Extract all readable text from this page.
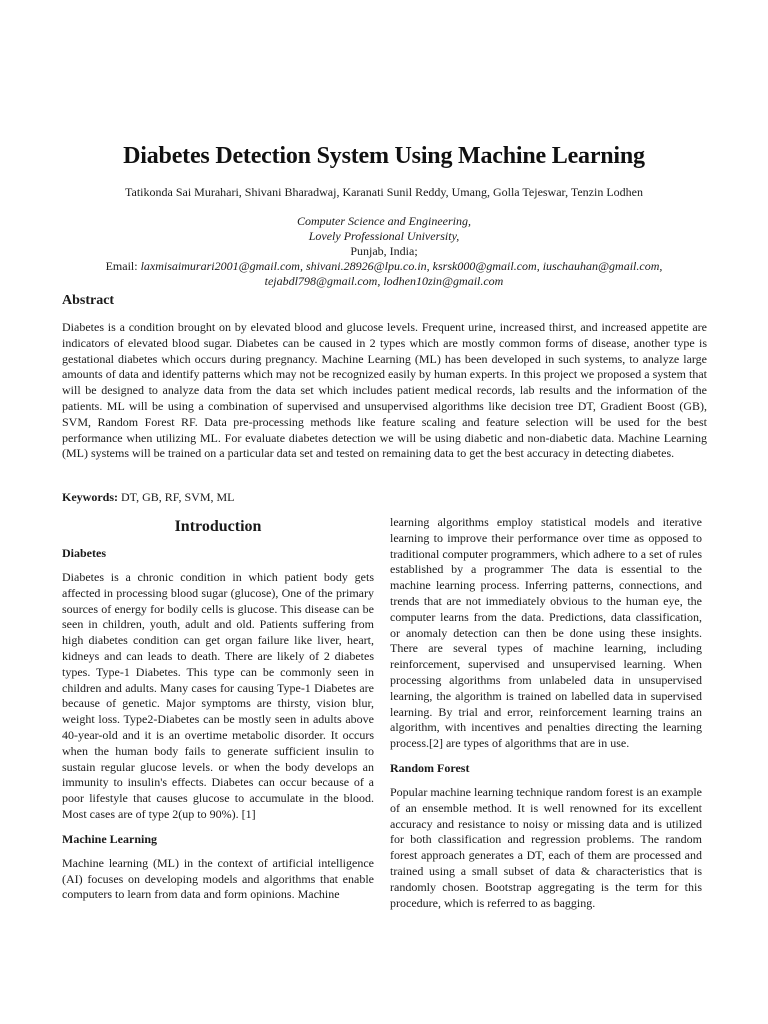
Diabetes Detection System Using Machine Learning
Tatikonda Sai Murahari, Shivani Bharadwaj, Karanati Sunil Reddy, Umang, Golla Tejeswar, Tenzin Lodhen
Computer Science and Engineering,
Lovely Professional University,
Punjab, India;
Email: laxmisaimurari2001@gmail.com, shivani.28926@lpu.co.in, ksrsk000@gmail.com, iuschauhan@gmail.com,
tejabdl798@gmail.com, lodhen10zin@gmail.com
Abstract
Diabetes is a condition brought on by elevated blood and glucose levels. Frequent urine, increased thirst, and increased appetite are indicators of elevated blood sugar. Diabetes can be caused in 2 types which are mostly common forms of disease, another type is gestational diabetes which occurs during pregnancy. Machine Learning (ML) has been developed in such systems, to analyze large amounts of data and identify patterns which may not be recognized easily by human experts. In this project we proposed a system that will be designed to analyze data from the data set which includes patient medical records, lab results and the information of the patients. ML will be using a combination of supervised and unsupervised algorithms like decision tree DT, Gradient Boost (GB), SVM, Random Forest RF. Data pre-processing methods like feature scaling and feature selection will be used for the best performance when utilizing ML. For evaluate diabetes detection we will be using diabetic and non-diabetic data. Machine Learning (ML) systems will be trained on a particular data set and tested on remaining data to get the best accuracy in detecting diabetes.
Keywords: DT, GB, RF, SVM, ML
Introduction
Diabetes

Diabetes is a chronic condition in which patient body gets affected in processing blood sugar (glucose), One of the primary sources of energy for bodily cells is glucose. This disease can be seen in children, youth, adult and old. Patients suffering from high diabetes condition can get organ failure like liver, heart, kidneys and can leads to death. There are likely of 2 diabetes types. Type-1 Diabetes. This type can be commonly seen in children and adults. Many cases for causing Type-1 Diabetes are because of genetic. Major symptoms are thirsty, vision blur, weight loss. Type2-Diabetes can be mostly seen in adults above 40-year-old and it is an overtime metabolic disorder. It occurs when the human body fails to generate sufficient insulin to sustain regular glucose levels. or when the body develops an immunity to insulin's effects. Diabetes can occur because of a poor lifestyle that causes glucose to accumulate in the blood. Most cases are of type 2(up to 90%). [1]

Machine Learning

Machine learning (ML) in the context of artificial intelligence (AI) focuses on developing models and algorithms that enable computers to learn from data and form opinions. Machine

learning algorithms employ statistical models and iterative learning to improve their performance over time as opposed to traditional computer programmers, which adhere to a set of rules established by a programmer The data is essential to the machine learning process. Inferring patterns, connections, and trends that are not immediately obvious to the human eye, the computer learns from the data. Predictions, data classification, or anomaly detection can then be done using these insights. There are several types of machine learning, including reinforcement, supervised and unsupervised learning. When processing algorithms from unlabeled data in unsupervised learning, the algorithm is trained on labelled data in supervised learning. By trial and error, reinforcement learning trains an algorithm, with incentives and penalties directing the learning process.[2] are types of algorithms that are in use.

Random Forest

Popular machine learning technique random forest is an example of an ensemble method. It is well renowned for its excellent accuracy and resistance to noisy or missing data and is utilized for both classification and regression problems. The random forest approach generates a DT, each of them are processed and trained using a small subset of data & characteristics that is randomly chosen. Bootstrap aggregating is the term for this procedure, which is referred to as bagging.
